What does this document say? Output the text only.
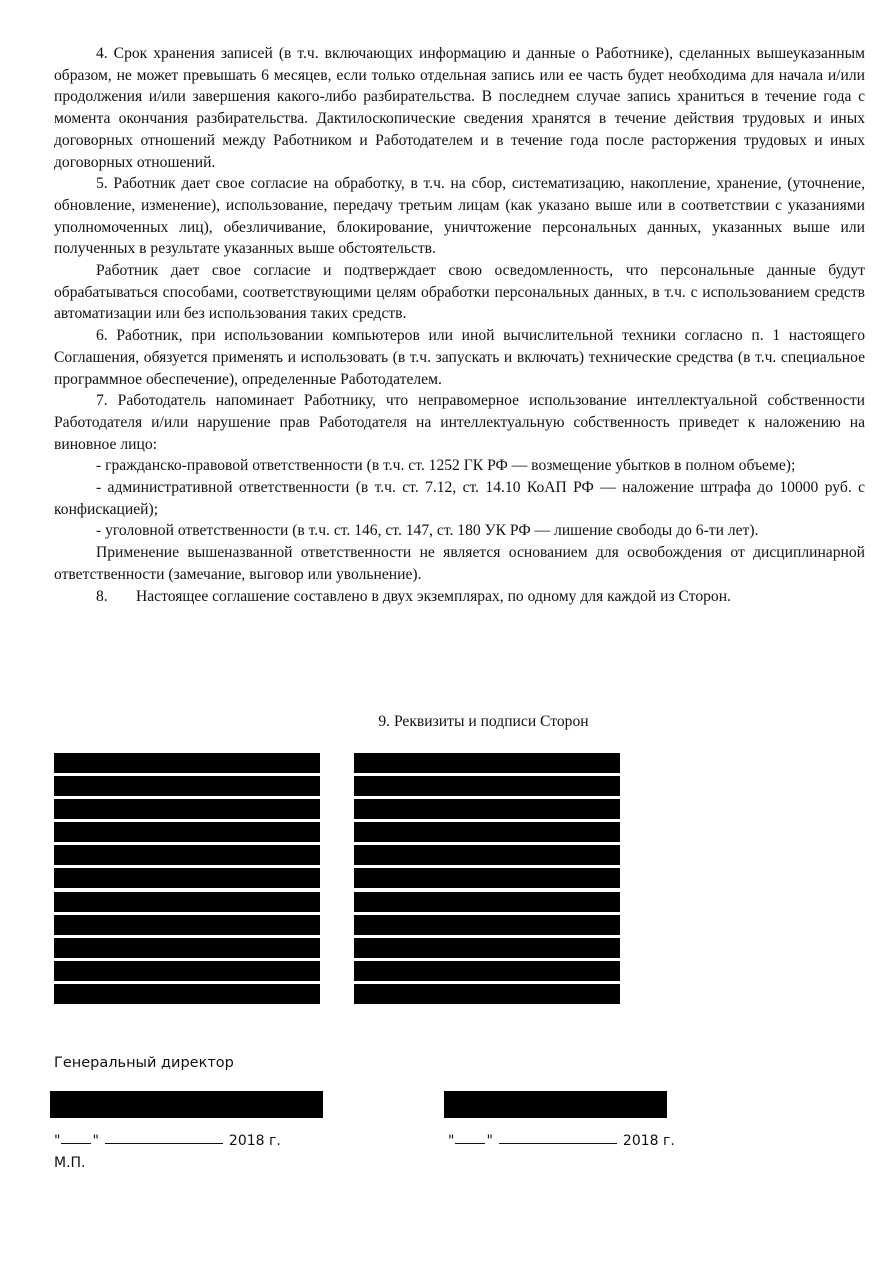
4. Срок хранения записей (в т.ч. включающих информацию и данные о Работнике), сделанных вышеуказанным образом, не может превышать 6 месяцев, если только отдельная запись или ее часть будет необходима для начала и/или продолжения и/или завершения какого-либо разбирательства. В последнем случае запись храниться в течение года с момента окончания разбирательства. Дактилоскопические сведения хранятся в течение действия трудовых и иных договорных отношений между Работником и Работодателем и в течение года после расторжения трудовых и иных договорных отношений.

5. Работник дает свое согласие на обработку, в т.ч. на сбор, систематизацию, накопление, хранение, (уточнение, обновление, изменение), использование, передачу третьим лицам (как указано выше или в соответствии с указаниями уполномоченных лиц), обезличивание, блокирование, уничтожение персональных данных, указанных выше или полученных в результате указанных выше обстоятельств.

Работник дает свое согласие и подтверждает свою осведомленность, что персональные данные будут обрабатываться способами, соответствующими целям обработки персональных данных, в т.ч. с использованием средств автоматизации или без использования таких средств.

6. Работник, при использовании компьютеров или иной вычислительной техники согласно п. 1 настоящего Соглашения, обязуется применять и использовать (в т.ч. запускать и включать) технические средства (в т.ч. специальное программное обеспечение), определенные Работодателем.

7. Работодатель напоминает Работнику, что неправомерное использование интеллектуальной собственности Работодателя и/или нарушение прав Работодателя на интеллектуальную собственность приведет к наложению на виновное лицо:

- гражданско-правовой ответственности (в т.ч. ст. 1252 ГК РФ — возмещение убытков в полном объеме);

- административной ответственности (в т.ч. ст. 7.12, ст. 14.10 КоАП РФ — наложение штрафа до 10000 руб. с конфискацией);

- уголовной ответственности (в т.ч. ст. 146, ст. 147, ст. 180 УК РФ — лишение свободы до 6-ти лет).

Применение вышеназванной ответственности не является основанием для освобождения от дисциплинарной ответственности (замечание, выговор или увольнение).

8. Настоящее соглашение составлено в двух экземплярах, по одному для каждой из Сторон.

9. Реквизиты и подписи Сторон
Генеральный директор
" "	2018 г.	" "	2018 г.
М.П.
